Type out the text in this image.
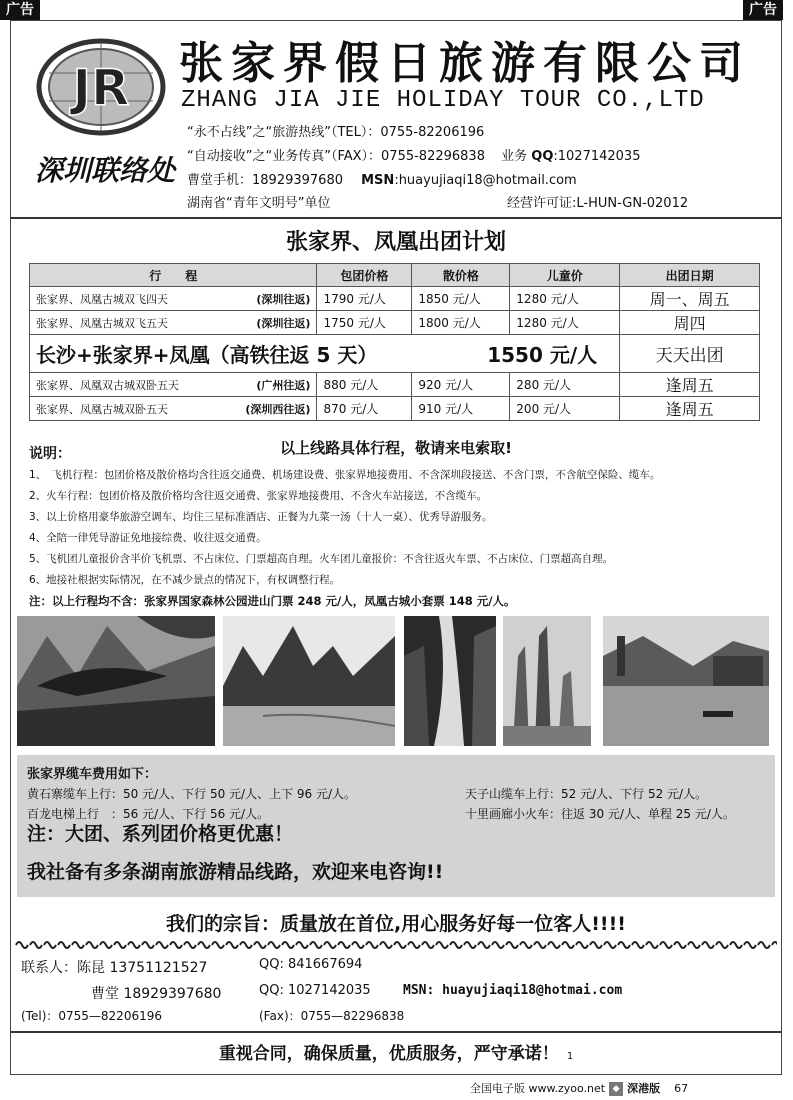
广告	广告
JR 张家界假日旅游有限公司
ZHANG JIA JIE HOLIDAY TOUR CO.,LTD
“永不占线”之“旅游热线”（TEL）：0755-82206196
“自动接收”之“业务传真”（FAX）：0755-82296838 业务 QQ:1027142035
深圳联络处 曹堂手机：18929397680 MSN:huayujiaqi18@hotmail.com
湖南省“青年文明号”单位	经营许可证:L-HUN-GN-02012
张家界、凤凰出团计划
行　　程	包团价格	散价格	儿童价	出团日期
张家界、凤凰古城双飞四天 (深圳往返)	1790 元/人	1850 元/人	1280 元/人	周一、周五
张家界、凤凰古城双飞五天 (深圳往返)	1750 元/人	1800 元/人	1280 元/人	周四
长沙+张家界+凤凰（高铁往返 5 天） 1550 元/人				天天出团
张家界、凤凰双古城双卧五天 (广州往返)	880 元/人	920 元/人	280 元/人	逢周五
张家界、凤凰古城双卧五天 (深圳西往返)	870 元/人	910 元/人	200 元/人	逢周五
以上线路具体行程，敬请来电索取!
说明：
1、　飞机行程：包团价格及散价格均含往返交通费、机场建设费、张家界地接费用、不含深圳段接送、不含门票，不含航空保险、缆车。
2、火车行程：包团价格及散价格均含往返交通费、张家界地接费用、不含火车站接送，不含缆车。
3、以上价格用豪华旅游空调车、均住三星标准酒店、正餐为九菜一汤（十人一桌）、优秀导游服务。
4、全陪一律凭导游证免地接综费、收往返交通费。
5、飞机团儿童报价含半价飞机票、不占床位、门票超高自理。火车团儿童报价：不含往返火车票、不占床位、门票超高自理。
6、地接社根据实际情况，在不减少景点的情况下，有权调整行程。
注：以上行程均不含：张家界国家森林公园进山门票 248 元/人，凤凰古城小套票 148 元/人。
张家界缆车费用如下：
黄石寨缆车上行：50 元/人、下行 50 元/人、上下 96 元/人。	天子山缆车上行：52 元/人、下行 52 元/人。
百龙电梯上行　：56 元/人、下行 56 元/人。	十里画廊小火车：往返 30 元/人、单程 25 元/人。
注：大团、系列团价格更优惠！
我社备有多条湖南旅游精品线路，欢迎来电咨询!!
我们的宗旨：质量放在首位,用心服务好每一位客人!!!!
联系人：陈昆 13751121527	QQ: 841667694
曹堂 18929397680	QQ: 1027142035 MSN: huayujiaqi18@hotmai.com
(Tel)：0755—82206196	(Fax)：0755—82296838
重视合同，确保质量，优质服务，严守承诺！ 1
全国电子版 www.zyoo.net ◆ 深港版 67
